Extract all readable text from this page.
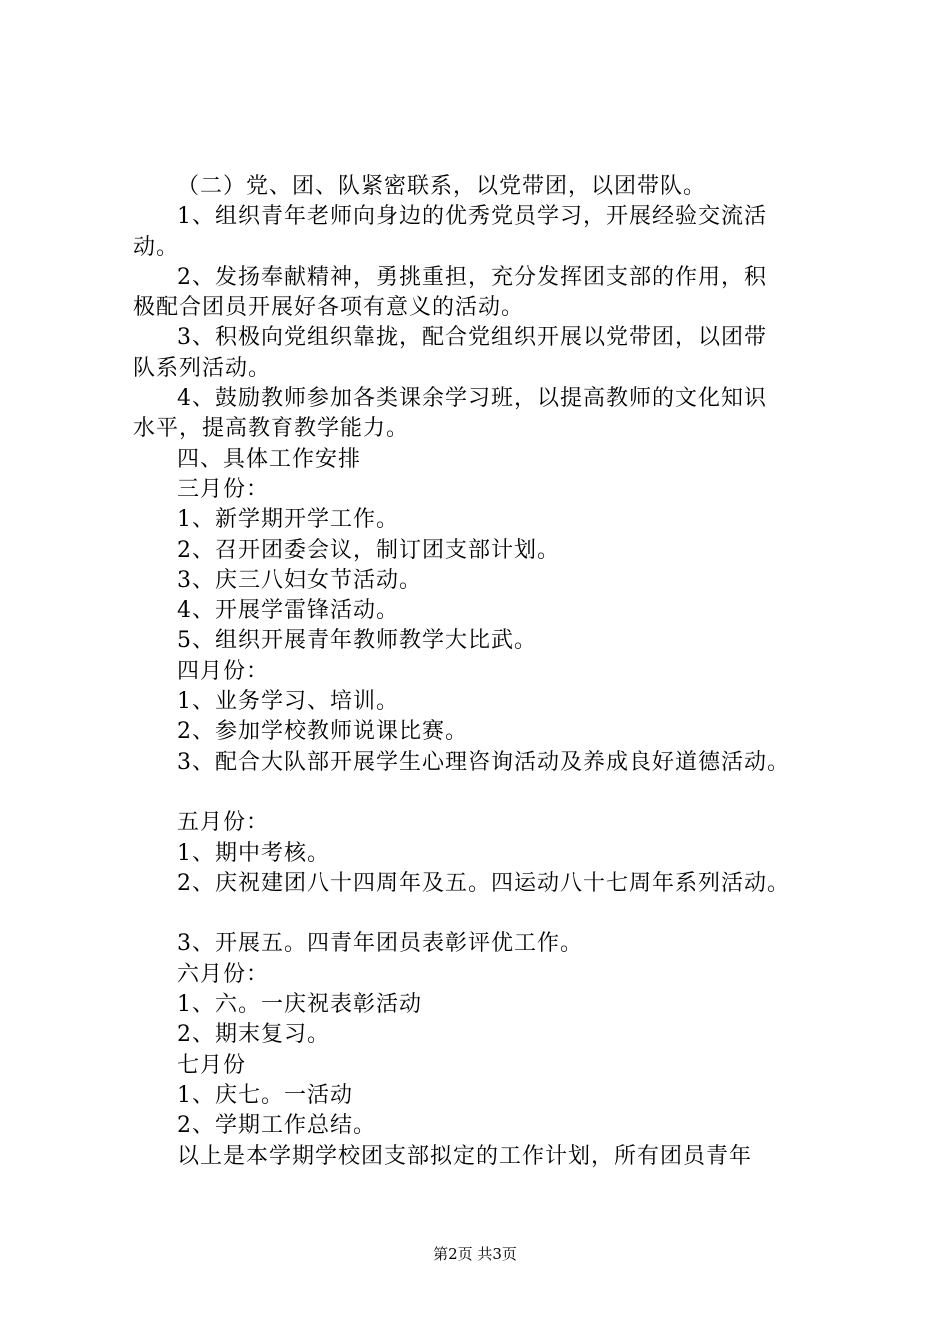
（二）党、团、队紧密联系，以党带团，以团带队。
1、组织青年老师向身边的优秀党员学习，开展经验交流活
动。
2、发扬奉献精神，勇挑重担，充分发挥团支部的作用，积
极配合团员开展好各项有意义的活动。
3、积极向党组织靠拢，配合党组织开展以党带团，以团带
队系列活动。
4、鼓励教师参加各类课余学习班，以提高教师的文化知识
水平，提高教育教学能力。
四、具体工作安排
三月份：
1、新学期开学工作。
2、召开团委会议，制订团支部计划。
3、庆三八妇女节活动。
4、开展学雷锋活动。
5、组织开展青年教师教学大比武。
四月份：
1、业务学习、培训。
2、参加学校教师说课比赛。
3、配合大队部开展学生心理咨询活动及养成良好道德活动。
五月份：
1、期中考核。
2、庆祝建团八十四周年及五。四运动八十七周年系列活动。
3、开展五。四青年团员表彰评优工作。
六月份：
1、六。一庆祝表彰活动
2、期末复习。
七月份
1、庆七。一活动
2、学期工作总结。
以上是本学期学校团支部拟定的工作计划，所有团员青年
第2页 共3页
